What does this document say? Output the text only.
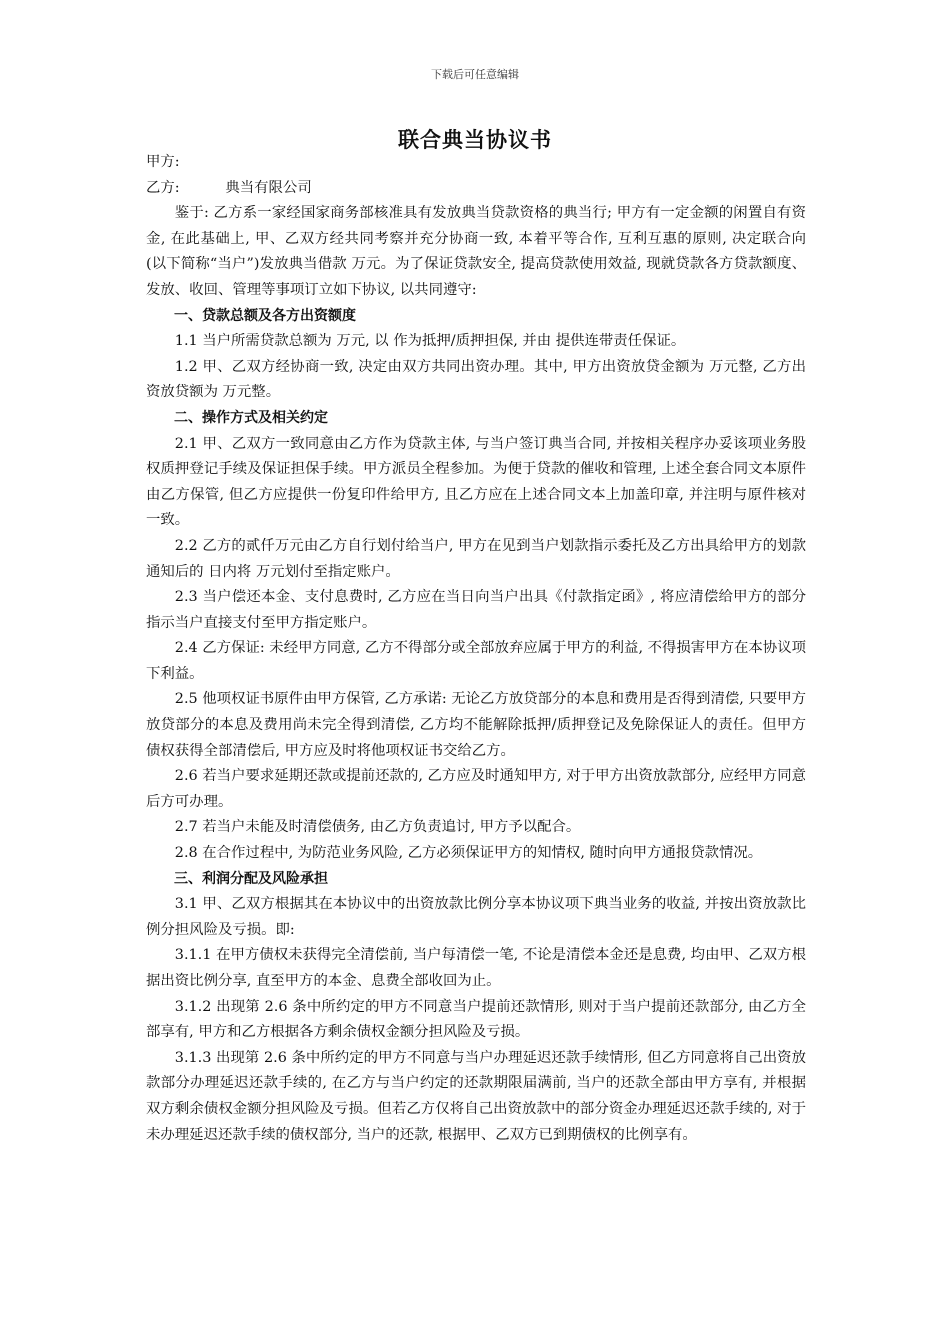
下载后可任意编辑
联合典当协议书

甲方:

乙方:          典当有限公司

鉴于: 乙方系一家经国家商务部核准具有发放典当贷款资格的典当行; 甲方有一定金额的闲置自有资金, 在此基础上, 甲、乙双方经共同考察并充分协商一致, 本着平等合作, 互利互惠的原则, 决定联合向 (以下简称“当户”)发放典当借款 万元。为了保证贷款安全, 提高贷款使用效益, 现就贷款各方贷款额度、发放、收回、管理等事项订立如下协议, 以共同遵守:

一、贷款总额及各方出资额度

1.1 当户所需贷款总额为 万元, 以 作为抵押/质押担保, 并由 提供连带责任保证。

1.2 甲、乙双方经协商一致, 决定由双方共同出资办理。其中, 甲方出资放贷金额为 万元整, 乙方出资放贷额为 万元整。

二、操作方式及相关约定

2.1 甲、乙双方一致同意由乙方作为贷款主体, 与当户签订典当合同, 并按相关程序办妥该项业务股权质押登记手续及保证担保手续。甲方派员全程参加。为便于贷款的催收和管理, 上述全套合同文本原件由乙方保管, 但乙方应提供一份复印件给甲方, 且乙方应在上述合同文本上加盖印章, 并注明与原件核对一致。

2.2 乙方的贰仟万元由乙方自行划付给当户, 甲方在见到当户划款指示委托及乙方出具给甲方的划款通知后的 日内将 万元划付至指定账户。

2.3 当户偿还本金、支付息费时, 乙方应在当日向当户出具《付款指定函》, 将应清偿给甲方的部分指示当户直接支付至甲方指定账户。

2.4 乙方保证: 未经甲方同意, 乙方不得部分或全部放弃应属于甲方的利益, 不得损害甲方在本协议项下利益。

2.5 他项权证书原件由甲方保管, 乙方承诺: 无论乙方放贷部分的本息和费用是否得到清偿, 只要甲方放贷部分的本息及费用尚未完全得到清偿, 乙方均不能解除抵押/质押登记及免除保证人的责任。但甲方债权获得全部清偿后, 甲方应及时将他项权证书交给乙方。

2.6 若当户要求延期还款或提前还款的, 乙方应及时通知甲方, 对于甲方出资放款部分, 应经甲方同意后方可办理。

2.7 若当户未能及时清偿债务, 由乙方负责追讨, 甲方予以配合。

2.8 在合作过程中, 为防范业务风险, 乙方必须保证甲方的知情权, 随时向甲方通报贷款情况。

三、利润分配及风险承担

3.1 甲、乙双方根据其在本协议中的出资放款比例分享本协议项下典当业务的收益, 并按出资放款比例分担风险及亏损。即:

3.1.1 在甲方债权未获得完全清偿前, 当户每清偿一笔, 不论是清偿本金还是息费, 均由甲、乙双方根据出资比例分享, 直至甲方的本金、息费全部收回为止。

3.1.2 出现第 2.6 条中所约定的甲方不同意当户提前还款情形, 则对于当户提前还款部分, 由乙方全部享有, 甲方和乙方根据各方剩余债权金额分担风险及亏损。

3.1.3 出现第 2.6 条中所约定的甲方不同意与当户办理延迟还款手续情形, 但乙方同意将自己出资放款部分办理延迟还款手续的, 在乙方与当户约定的还款期限届满前, 当户的还款全部由甲方享有, 并根据双方剩余债权金额分担风险及亏损。但若乙方仅将自己出资放款中的部分资金办理延迟还款手续的, 对于未办理延迟还款手续的债权部分, 当户的还款, 根据甲、乙双方已到期债权的比例享有。
